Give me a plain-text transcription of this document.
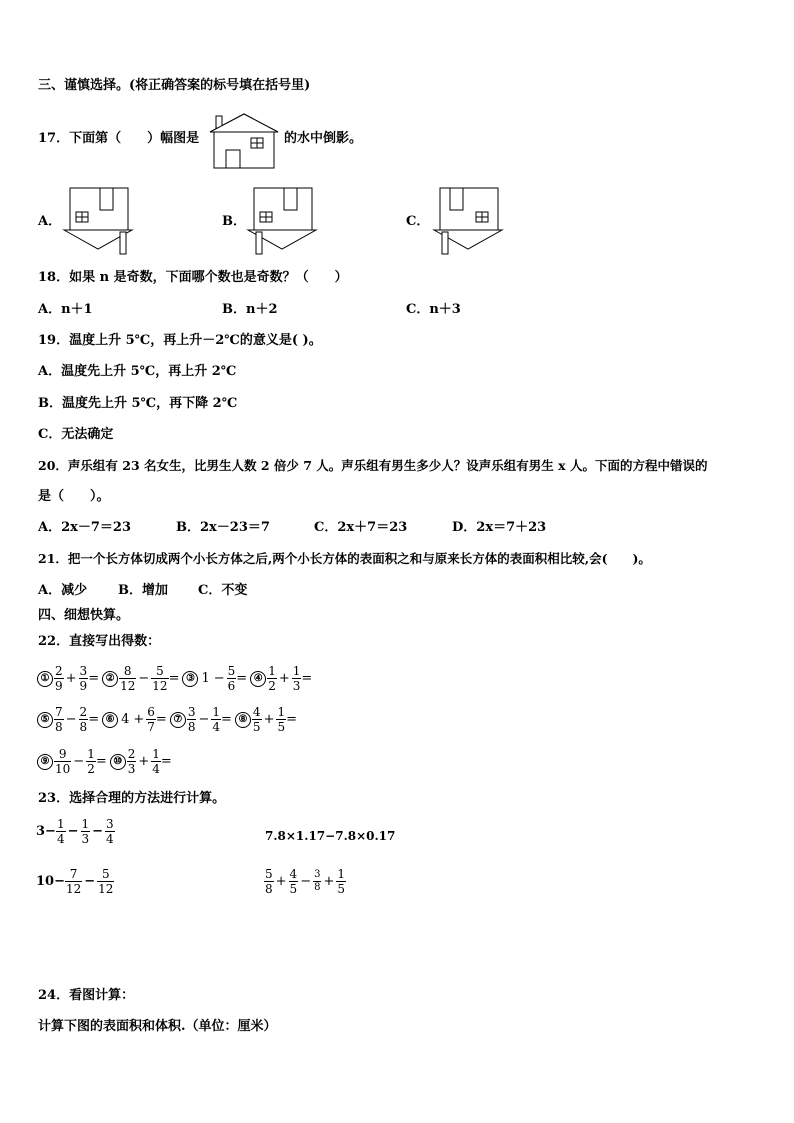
三、谨慎选择。(将正确答案的标号填在括号里)
17．下面第（　　）幅图是	的水中倒影。
A．	B．	C．
18．如果 n 是奇数，下面哪个数也是奇数？（　　）
A．n＋1	B．n＋2	C．n＋3
19．温度上升 5℃，再上升－2℃的意义是( )。
A．温度先上升 5℃，再上升 2℃
B．温度先上升 5℃，再下降 2℃
C．无法确定
20．声乐组有 23 名女生，比男生人数 2 倍少 7 人。声乐组有男生多少人？设声乐组有男生 x 人。下面的方程中错误的
是（　　）。
A．2x－7＝23	B．2x－23＝7	C．2x＋7＝23	D．2x＝7＋23
21．把一个长方体切成两个小长方体之后,两个小长方体的表面积之和与原来长方体的表面积相比较,会(　　)。
A．减少 B．增加 C．不变
四、细想快算。
22．直接写出得数：
① $\frac{2}{9} + \frac{3}{9}$ = ② $\frac{8}{12} - \frac{5}{12}$ = ③ $1 - \frac{5}{6}$ = ④ $\frac{1}{2} + \frac{1}{3}$ =
⑤ $\frac{7}{8} - \frac{2}{8}$ = ⑥ $4 + \frac{6}{7}$ = ⑦ $\frac{3}{8} - \frac{1}{4}$ = ⑧ $\frac{4}{5} + \frac{1}{5}$ =
⑨ $\frac{9}{10} - \frac{1}{2}$ = ⑩ $\frac{2}{3} + \frac{1}{4}$ =
23．选择合理的方法进行计算。
$3- \frac{1}{4} - \frac{1}{3} - \frac{3}{4}$	7.8×1.17−7.8×0.17
$10- \frac{7}{12} - \frac{5}{12}$	$\frac{5}{8} + \frac{4}{5} - \frac{3}{8} + \frac{1}{5}$
24．看图计算：
计算下图的表面积和体积.（单位：厘米）
